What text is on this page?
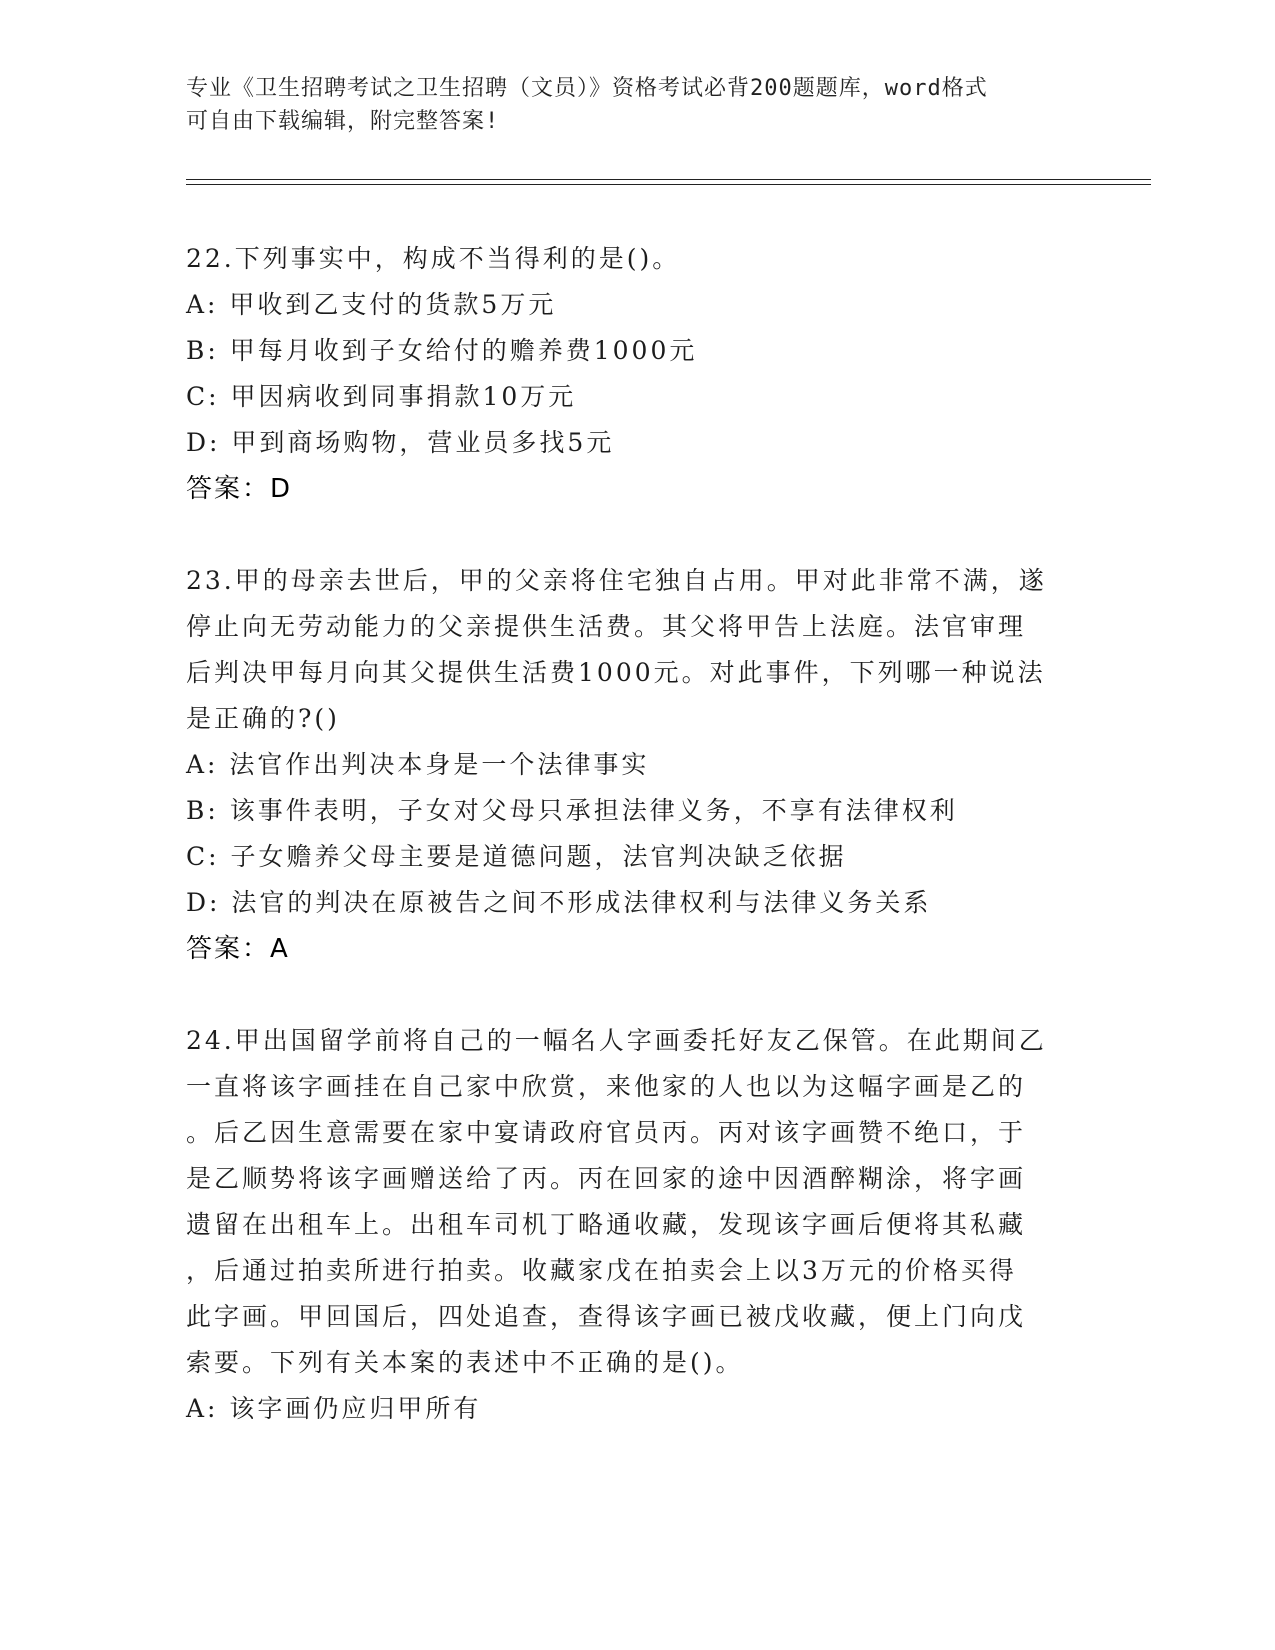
专业《卫生招聘考试之卫生招聘（文员）》资格考试必背200题题库，word格式

可自由下载编辑，附完整答案!

22.下列事实中，构成不当得利的是()。
A: 甲收到乙支付的货款5万元
B: 甲每月收到子女给付的赡养费1000元
C: 甲因病收到同事捐款10万元
D: 甲到商场购物，营业员多找5元
答案：D
23.甲的母亲去世后，甲的父亲将住宅独自占用。甲对此非常不满，遂
停止向无劳动能力的父亲提供生活费。其父将甲告上法庭。法官审理
后判决甲每月向其父提供生活费1000元。对此事件，下列哪一种说法
是正确的?()
A: 法官作出判决本身是一个法律事实
B: 该事件表明，子女对父母只承担法律义务，不享有法律权利
C: 子女赡养父母主要是道德问题，法官判决缺乏依据
D: 法官的判决在原被告之间不形成法律权利与法律义务关系
答案：A
24.甲出国留学前将自己的一幅名人字画委托好友乙保管。在此期间乙
一直将该字画挂在自己家中欣赏，来他家的人也以为这幅字画是乙的
。后乙因生意需要在家中宴请政府官员丙。丙对该字画赞不绝口，于
是乙顺势将该字画赠送给了丙。丙在回家的途中因酒醉糊涂，将字画
遗留在出租车上。出租车司机丁略通收藏，发现该字画后便将其私藏
，后通过拍卖所进行拍卖。收藏家戊在拍卖会上以3万元的价格买得
此字画。甲回国后，四处追查，查得该字画已被戊收藏，便上门向戊
索要。下列有关本案的表述中不正确的是()。
A: 该字画仍应归甲所有
